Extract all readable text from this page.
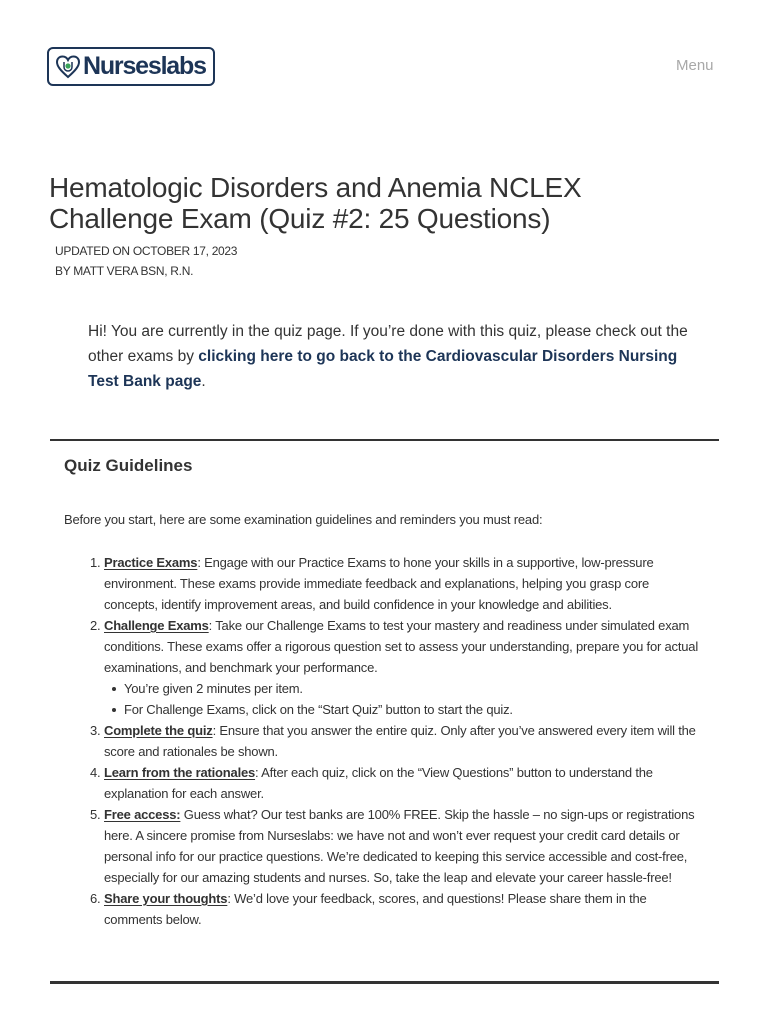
Nurseslabs	Menu
Hematologic Disorders and Anemia NCLEX Challenge Exam (Quiz #2: 25 Questions)
UPDATED ON OCTOBER 17, 2023
BY MATT VERA BSN, R.N.

Hi! You are currently in the quiz page. If you’re done with this quiz, please check out the other exams by clicking here to go back to the Cardiovascular Disorders Nursing Test Bank page.

Quiz Guidelines

Before you start, here are some examination guidelines and reminders you must read:

1. Practice Exams: Engage with our Practice Exams to hone your skills in a supportive, low-pressure environment. These exams provide immediate feedback and explanations, helping you grasp core concepts, identify improvement areas, and build confidence in your knowledge and abilities.
2. Challenge Exams: Take our Challenge Exams to test your mastery and readiness under simulated exam conditions. These exams offer a rigorous question set to assess your understanding, prepare you for actual examinations, and benchmark your performance.
You’re given 2 minutes per item.
For Challenge Exams, click on the “Start Quiz” button to start the quiz.
3. Complete the quiz: Ensure that you answer the entire quiz. Only after you’ve answered every item will the score and rationales be shown.
4. Learn from the rationales: After each quiz, click on the “View Questions” button to understand the explanation for each answer.
5. Free access: Guess what? Our test banks are 100% FREE. Skip the hassle – no sign-ups or registrations here. A sincere promise from Nurseslabs: we have not and won’t ever request your credit card details or personal info for our practice questions. We’re dedicated to keeping this service accessible and cost-free, especially for our amazing students and nurses. So, take the leap and elevate your career hassle-free!
6. Share your thoughts: We’d love your feedback, scores, and questions! Please share them in the comments below.
